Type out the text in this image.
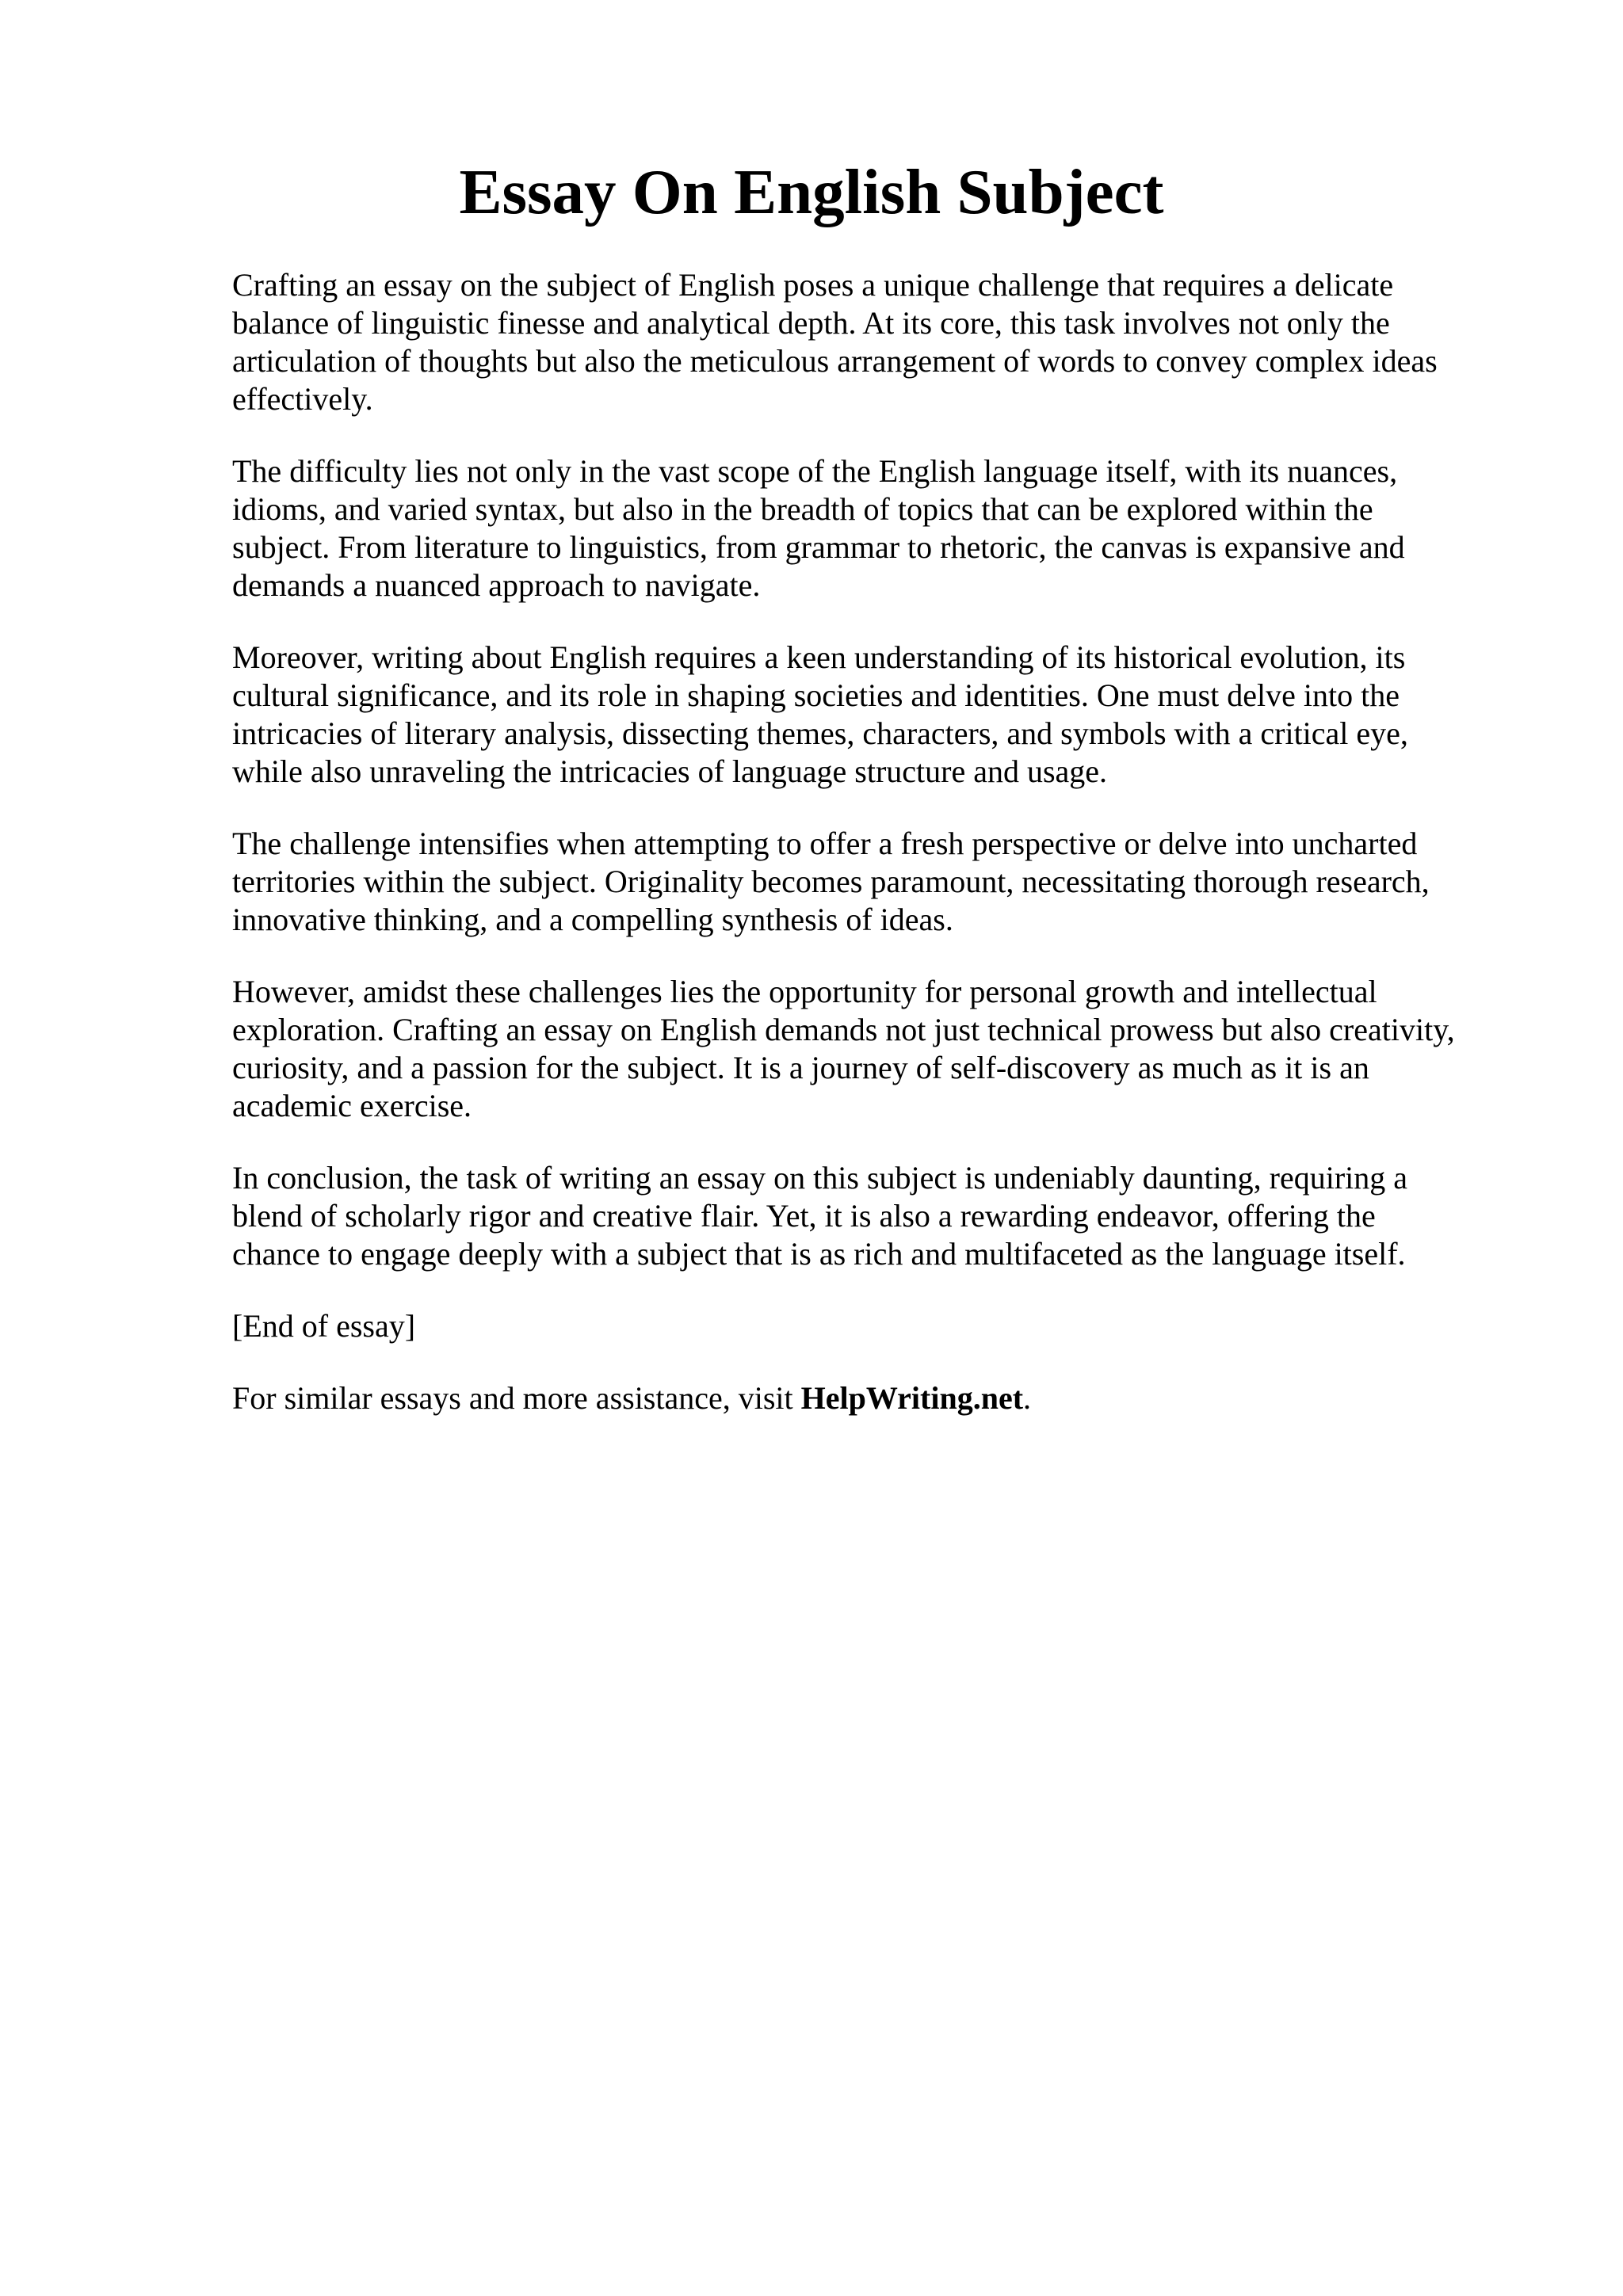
Essay On English Subject

Crafting an essay on the subject of English poses a unique challenge that requires a delicate
balance of linguistic finesse and analytical depth. At its core, this task involves not only the
articulation of thoughts but also the meticulous arrangement of words to convey complex ideas
effectively.

The difficulty lies not only in the vast scope of the English language itself, with its nuances,
idioms, and varied syntax, but also in the breadth of topics that can be explored within the
subject. From literature to linguistics, from grammar to rhetoric, the canvas is expansive and
demands a nuanced approach to navigate.

Moreover, writing about English requires a keen understanding of its historical evolution, its
cultural significance, and its role in shaping societies and identities. One must delve into the
intricacies of literary analysis, dissecting themes, characters, and symbols with a critical eye,
while also unraveling the intricacies of language structure and usage.

The challenge intensifies when attempting to offer a fresh perspective or delve into uncharted
territories within the subject. Originality becomes paramount, necessitating thorough research,
innovative thinking, and a compelling synthesis of ideas.

However, amidst these challenges lies the opportunity for personal growth and intellectual
exploration. Crafting an essay on English demands not just technical prowess but also creativity,
curiosity, and a passion for the subject. It is a journey of self-discovery as much as it is an
academic exercise.

In conclusion, the task of writing an essay on this subject is undeniably daunting, requiring a
blend of scholarly rigor and creative flair. Yet, it is also a rewarding endeavor, offering the
chance to engage deeply with a subject that is as rich and multifaceted as the language itself.

[End of essay]

For similar essays and more assistance, visit HelpWriting.net.
